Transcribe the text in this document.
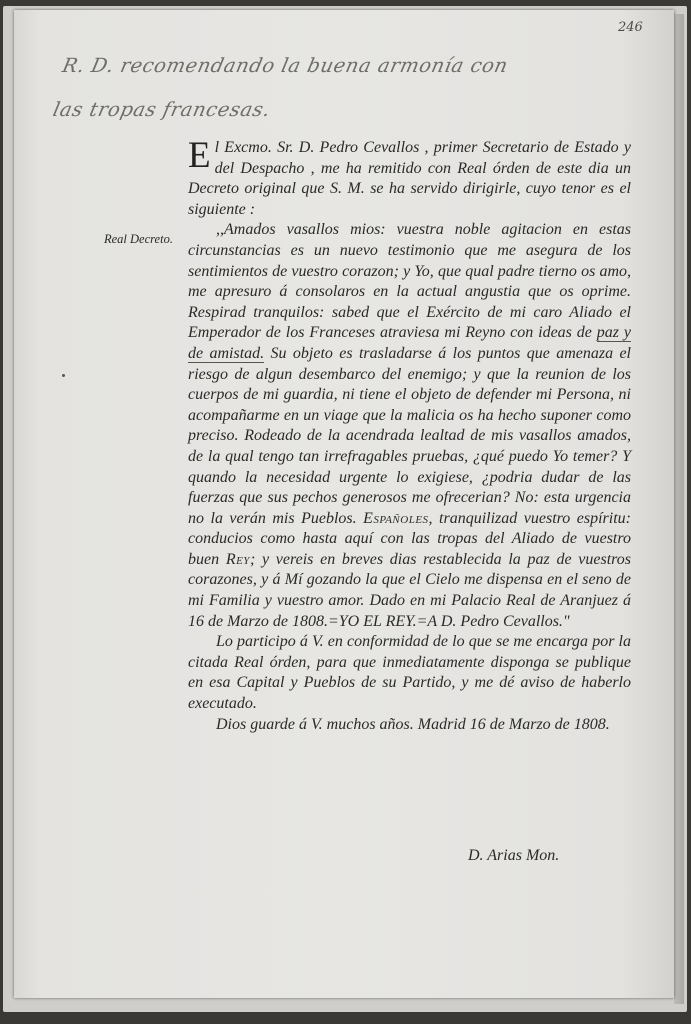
246
R. D. recomendando la buena armonía con
las tropas francesas.
Real Decreto.

El Excmo. Sr. D. Pedro Cevallos , primer Secretario de Estado y del Despacho , me ha remitido con Real órden de este dia un Decreto original que S. M. se ha servido dirigirle, cuyo tenor es el siguiente :

,,Amados vasallos mios: vuestra noble agitacion en estas circunstancias es un nuevo testimonio que me asegura de los sentimientos de vuestro corazon; y Yo, que qual padre tierno os amo, me apresuro á consolaros en la actual angustia que os oprime. Respirad tranquilos: sabed que el Exército de mi caro Aliado el Emperador de los Franceses atraviesa mi Reyno con ideas de paz y de amistad. Su objeto es trasladarse á los puntos que amenaza el riesgo de algun desembarco del enemigo; y que la reunion de los cuerpos de mi guardia, ni tiene el objeto de defender mi Persona, ni acompañarme en un viage que la malicia os ha hecho suponer como preciso. Rodeado de la acendrada lealtad de mis vasallos amados, de la qual tengo tan irrefragables pruebas, ¿qué puedo Yo temer? Y quando la necesidad urgente lo exigiese, ¿podria dudar de las fuerzas que sus pechos generosos me ofrecerian? No: esta urgencia no la verán mis Pueblos. Españoles, tranquilizad vuestro espíritu: conducios como hasta aquí con las tropas del Aliado de vuestro buen Rey; y vereis en breves dias restablecida la paz de vuestros corazones, y á Mí gozando la que el Cielo me dispensa en el seno de mi Familia y vuestro amor. Dado en mi Palacio Real de Aranjuez á 16 de Marzo de 1808.=YO EL REY.=A D. Pedro Cevallos."

Lo participo á V. en conformidad de lo que se me encarga por la citada Real órden, para que inmediatamente disponga se publique en esa Capital y Pueblos de su Partido, y me dé aviso de haberlo executado.

Dios guarde á V. muchos años. Madrid 16 de Marzo de 1808.

D. Arias Mon.
